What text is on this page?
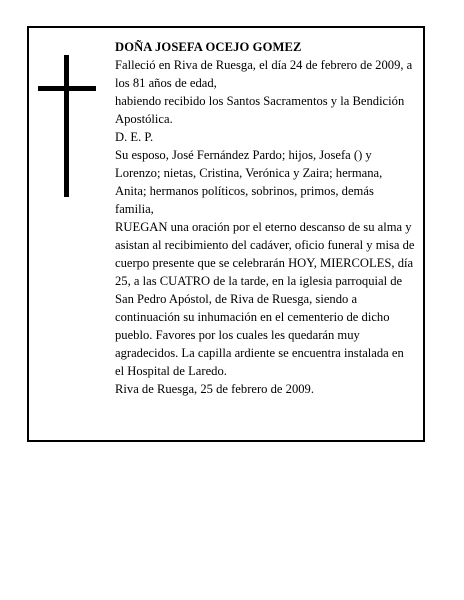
DOÑA JOSEFA OCEJO GOMEZ

Falleció en Riva de Ruesga, el día 24 de febrero de 2009, a los 81 años de edad,

habiendo recibido los Santos Sacramentos y la Bendición Apostólica.

D. E. P.

Su esposo, José Fernández Pardo; hijos, Josefa () y Lorenzo; nietas, Cristina, Verónica y Zaira; hermana, Anita; hermanos políticos, sobrinos, primos, demás familia,

RUEGAN una oración por el eterno descanso de su alma y asistan al recibimiento del cadáver, oficio funeral y misa de cuerpo presente que se celebrarán HOY, MIERCOLES, día 25, a las CUATRO de la tarde, en la iglesia parroquial de San Pedro Apóstol, de Riva de Ruesga, siendo a continuación su inhumación en el cementerio de dicho pueblo. Favores por los cuales les quedarán muy agradecidos. La capilla ardiente se encuentra instalada en el Hospital de Laredo.

Riva de Ruesga, 25 de febrero de 2009.
